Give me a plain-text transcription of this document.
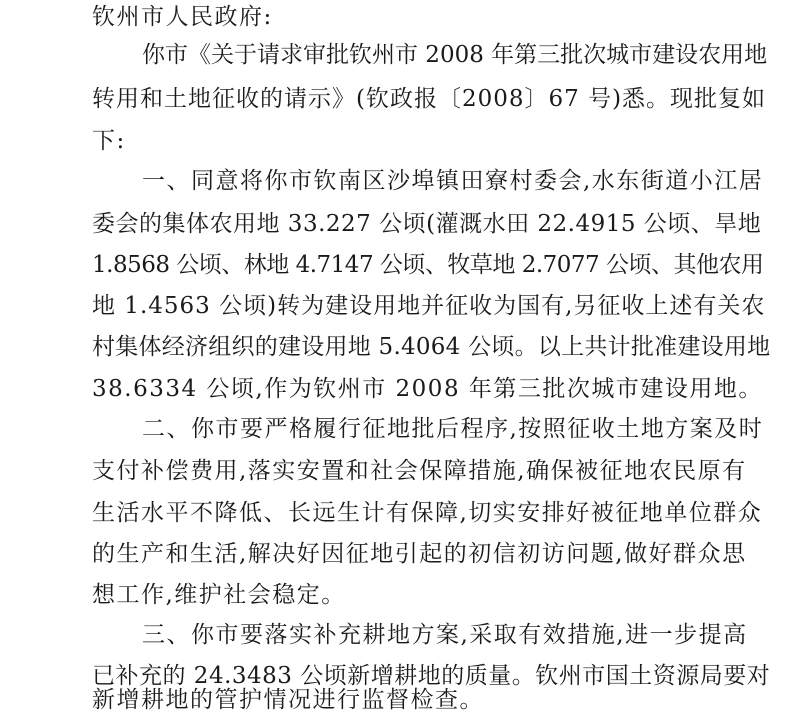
钦州市人民政府:

你市《关于请求审批钦州市 2008 年第三批次城市建设农用地

转用和土地征收的请示》(钦政报〔2008〕67 号)悉。现批复如

下:

一、同意将你市钦南区沙埠镇田寮村委会,水东街道小江居

委会的集体农用地 33.227 公顷(灌溉水田 22.4915 公顷、旱地

1.8568 公顷、林地 4.7147 公顷、牧草地 2.7077 公顷、其他农用

地 1.4563 公顷)转为建设用地并征收为国有,另征收上述有关农

村集体经济组织的建设用地 5.4064 公顷。以上共计批准建设用地

38.6334 公顷,作为钦州市 2008 年第三批次城市建设用地。

二、你市要严格履行征地批后程序,按照征收土地方案及时

支付补偿费用,落实安置和社会保障措施,确保被征地农民原有

生活水平不降低、长远生计有保障,切实安排好被征地单位群众

的生产和生活,解决好因征地引起的初信初访问题,做好群众思

想工作,维护社会稳定。

三、你市要落实补充耕地方案,采取有效措施,进一步提高

已补充的 24.3483 公顷新增耕地的质量。钦州市国土资源局要对

新增耕地的管护情况进行监督检查。
